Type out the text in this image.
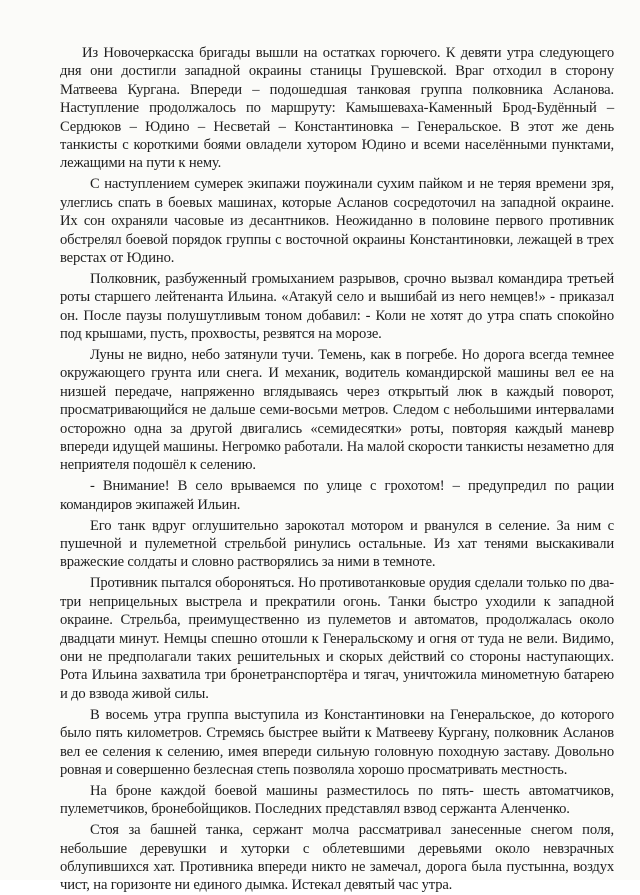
Из Новочеркасска бригады вышли на остатках горючего. К девяти утра следующего дня они достигли западной окраины станицы Грушевской. Враг отходил в сторону Матвеева Кургана. Впереди – подошедшая танковая группа полковника Асланова. Наступление продолжалось по маршруту: Камышеваха-Каменный Брод-Будённый – Сердюков – Юдино – Несветай – Константиновка – Генеральское. В этот же день танкисты с короткими боями овладели хутором Юдино и всеми населёнными пунктами, лежащими на пути к нему.

С наступлением сумерек экипажи поужинали сухим пайком и не теряя времени зря, улеглись спать в боевых машинах, которые Асланов сосредоточил на западной окраине. Их сон охраняли часовые из десантников. Неожиданно в половине первого противник обстрелял боевой порядок группы с восточной окраины Константиновки, лежащей в трех верстах от Юдино.

Полковник, разбуженный громыханием разрывов, срочно вызвал командира третьей роты старшего лейтенанта Ильина. «Атакуй село и вышибай из него немцев!» - приказал он. После паузы полушутливым тоном добавил: - Коли не хотят до утра спать спокойно под крышами, пусть, прохвосты, резвятся на морозе.

Луны не видно, небо затянули тучи. Темень, как в погребе. Но дорога всегда темнее окружающего грунта или снега. И механик, водитель командирской машины вел ее на низшей передаче, напряженно вглядываясь через открытый люк в каждый поворот, просматривающийся не дальше семи-восьми метров. Следом с небольшими интервалами осторожно одна за другой двигались «семидесятки» роты, повторяя каждый маневр впереди идущей машины. Негромко работали. На малой скорости танкисты незаметно для неприятеля подошёл к селению.

- Внимание! В село врываемся по улице с грохотом! – предупредил по рации командиров экипажей Ильин.

Его танк вдруг оглушительно зарокотал мотором и рванулся в селение. За ним с пушечной и пулеметной стрельбой ринулись остальные. Из хат тенями выскакивали вражеские солдаты и словно растворялись за ними в темноте.

Противник пытался обороняться. Но противотанковые орудия сделали только по два- три неприцельных выстрела и прекратили огонь. Танки быстро уходили к западной окраине. Стрельба, преимущественно из пулеметов и автоматов, продолжалась около двадцати минут. Немцы спешно отошли к Генеральскому и огня от туда не вели. Видимо, они не предполагали таких решительных и скорых действий со стороны наступающих. Рота Ильина захватила три бронетранспортёра и тягач, уничтожила минометную батарею и до взвода живой силы.

В восемь утра группа выступила из Константиновки на Генеральское, до которого было пять километров. Стремясь быстрее выйти к Матвееву Кургану, полковник Асланов вел ее селения к селению, имея впереди сильную головную походную заставу. Довольно ровная и совершенно безлесная степь позволяла хорошо просматривать местность.

На броне каждой боевой машины разместилось по пять- шесть автоматчиков, пулеметчиков, бронебойщиков. Последних представлял взвод сержанта Аленченко.

Стоя за башней танка, сержант молча рассматривал занесенные снегом поля, небольшие деревушки и хуторки с облетевшими деревьями около невзрачных облупившихся хат. Противника впереди никто не замечал, дорога была пустынна, воздух чист, на горизонте ни единого дымка. Истекал девятый час утра.
